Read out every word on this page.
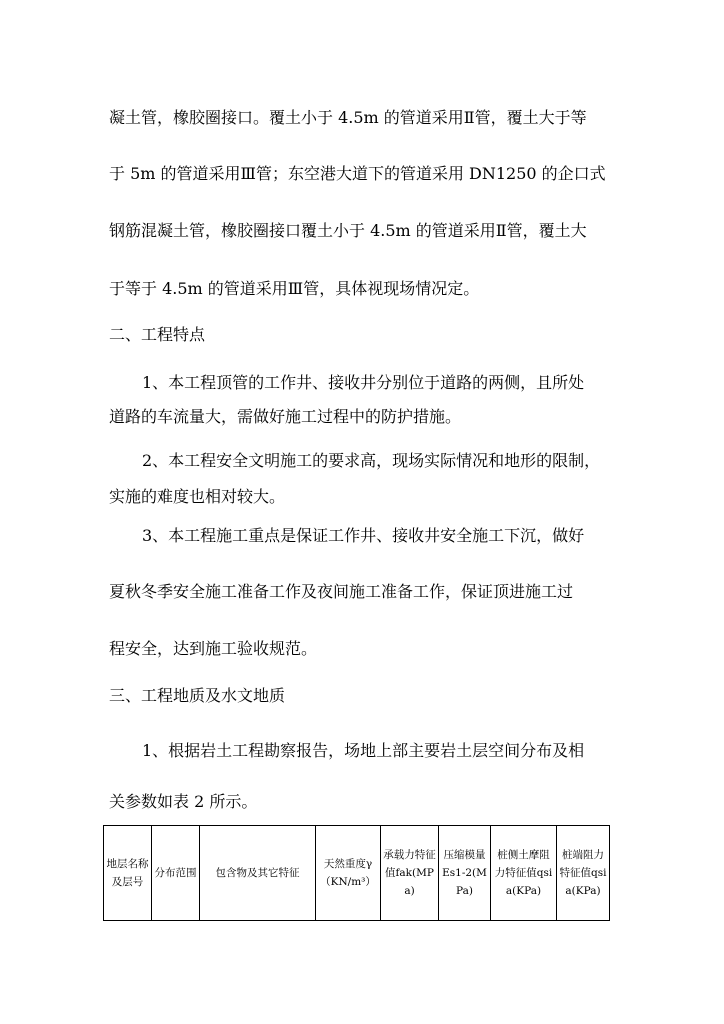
凝土管，橡胶圈接口。覆土小于 4.5m 的管道采用Ⅱ管，覆土大于等
于 5m 的管道采用Ⅲ管；东空港大道下的管道采用 DN1250 的企口式
钢筋混凝土管，橡胶圈接口覆土小于 4.5m 的管道采用Ⅱ管，覆土大
于等于 4.5m 的管道采用Ⅲ管，具体视现场情况定。
二、工程特点
1、本工程顶管的工作井、接收井分别位于道路的两侧，且所处
道路的车流量大，需做好施工过程中的防护措施。
2、本工程安全文明施工的要求高，现场实际情况和地形的限制，
实施的难度也相对较大。
3、本工程施工重点是保证工作井、接收井安全施工下沉，做好
夏秋冬季安全施工准备工作及夜间施工准备工作，保证顶进施工过
程安全，达到施工验收规范。
三、工程地质及水文地质
1、根据岩土工程勘察报告，场地上部主要岩土层空间分布及相
关参数如表 2 所示。
地层名称及层号	分布范围	包含物及其它特征	天然重度γ（KN/m³）	承载力特征值fak(MPa)	压缩模量Es1-2(MPa)	桩侧土摩阻力特征值qsia(KPa)	桩端阻力特征值qsia(KPa)
